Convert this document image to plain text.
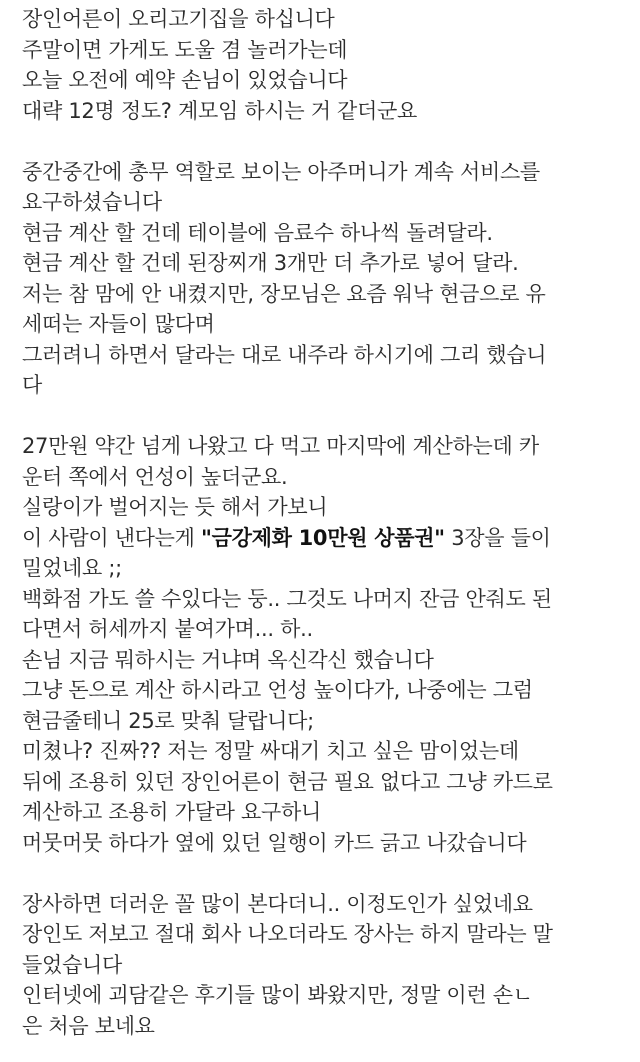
장인어른이 오리고기집을 하십니다
주말이면 가게도 도울 겸 놀러가는데
오늘 오전에 예약 손님이 있었습니다
대략 12명 정도? 계모임 하시는 거 같더군요
중간중간에 총무 역할로 보이는 아주머니가 계속 서비스를
요구하셨습니다
현금 계산 할 건데 테이블에 음료수 하나씩 돌려달라.
현금 계산 할 건데 된장찌개 3개만 더 추가로 넣어 달라.
저는 참 맘에 안 내켰지만, 장모님은 요즘 워낙 현금으로 유
세떠는 자들이 많다며
그러려니 하면서 달라는 대로 내주라 하시기에 그리 했습니
다
27만원 약간 넘게 나왔고 다 먹고 마지막에 계산하는데 카
운터 쪽에서 언성이 높더군요.
실랑이가 벌어지는 듯 해서 가보니
이 사람이 낸다는게 "금강제화 10만원 상품권" 3장을 들이
밀었네요 ;;
백화점 가도 쓸 수있다는 둥.. 그것도 나머지 잔금 안줘도 된
다면서 허세까지 붙여가며... 하..
손님 지금 뭐하시는 거냐며 옥신각신 했습니다
그냥 돈으로 계산 하시라고 언성 높이다가, 나중에는 그럼
현금줄테니 25로 맞춰 달랍니다;
미쳤나? 진짜?? 저는 정말 싸대기 치고 싶은 맘이었는데
뒤에 조용히 있던 장인어른이 현금 필요 없다고 그냥 카드로
계산하고 조용히 가달라 요구하니
머뭇머뭇 하다가 옆에 있던 일행이 카드 긁고 나갔습니다
장사하면 더러운 꼴 많이 본다더니.. 이정도인가 싶었네요
장인도 저보고 절대 회사 나오더라도 장사는 하지 말라는 말
들었습니다
인터넷에 괴담같은 후기들 많이 봐왔지만, 정말 이런 손ㄴ
은 처음 보네요
